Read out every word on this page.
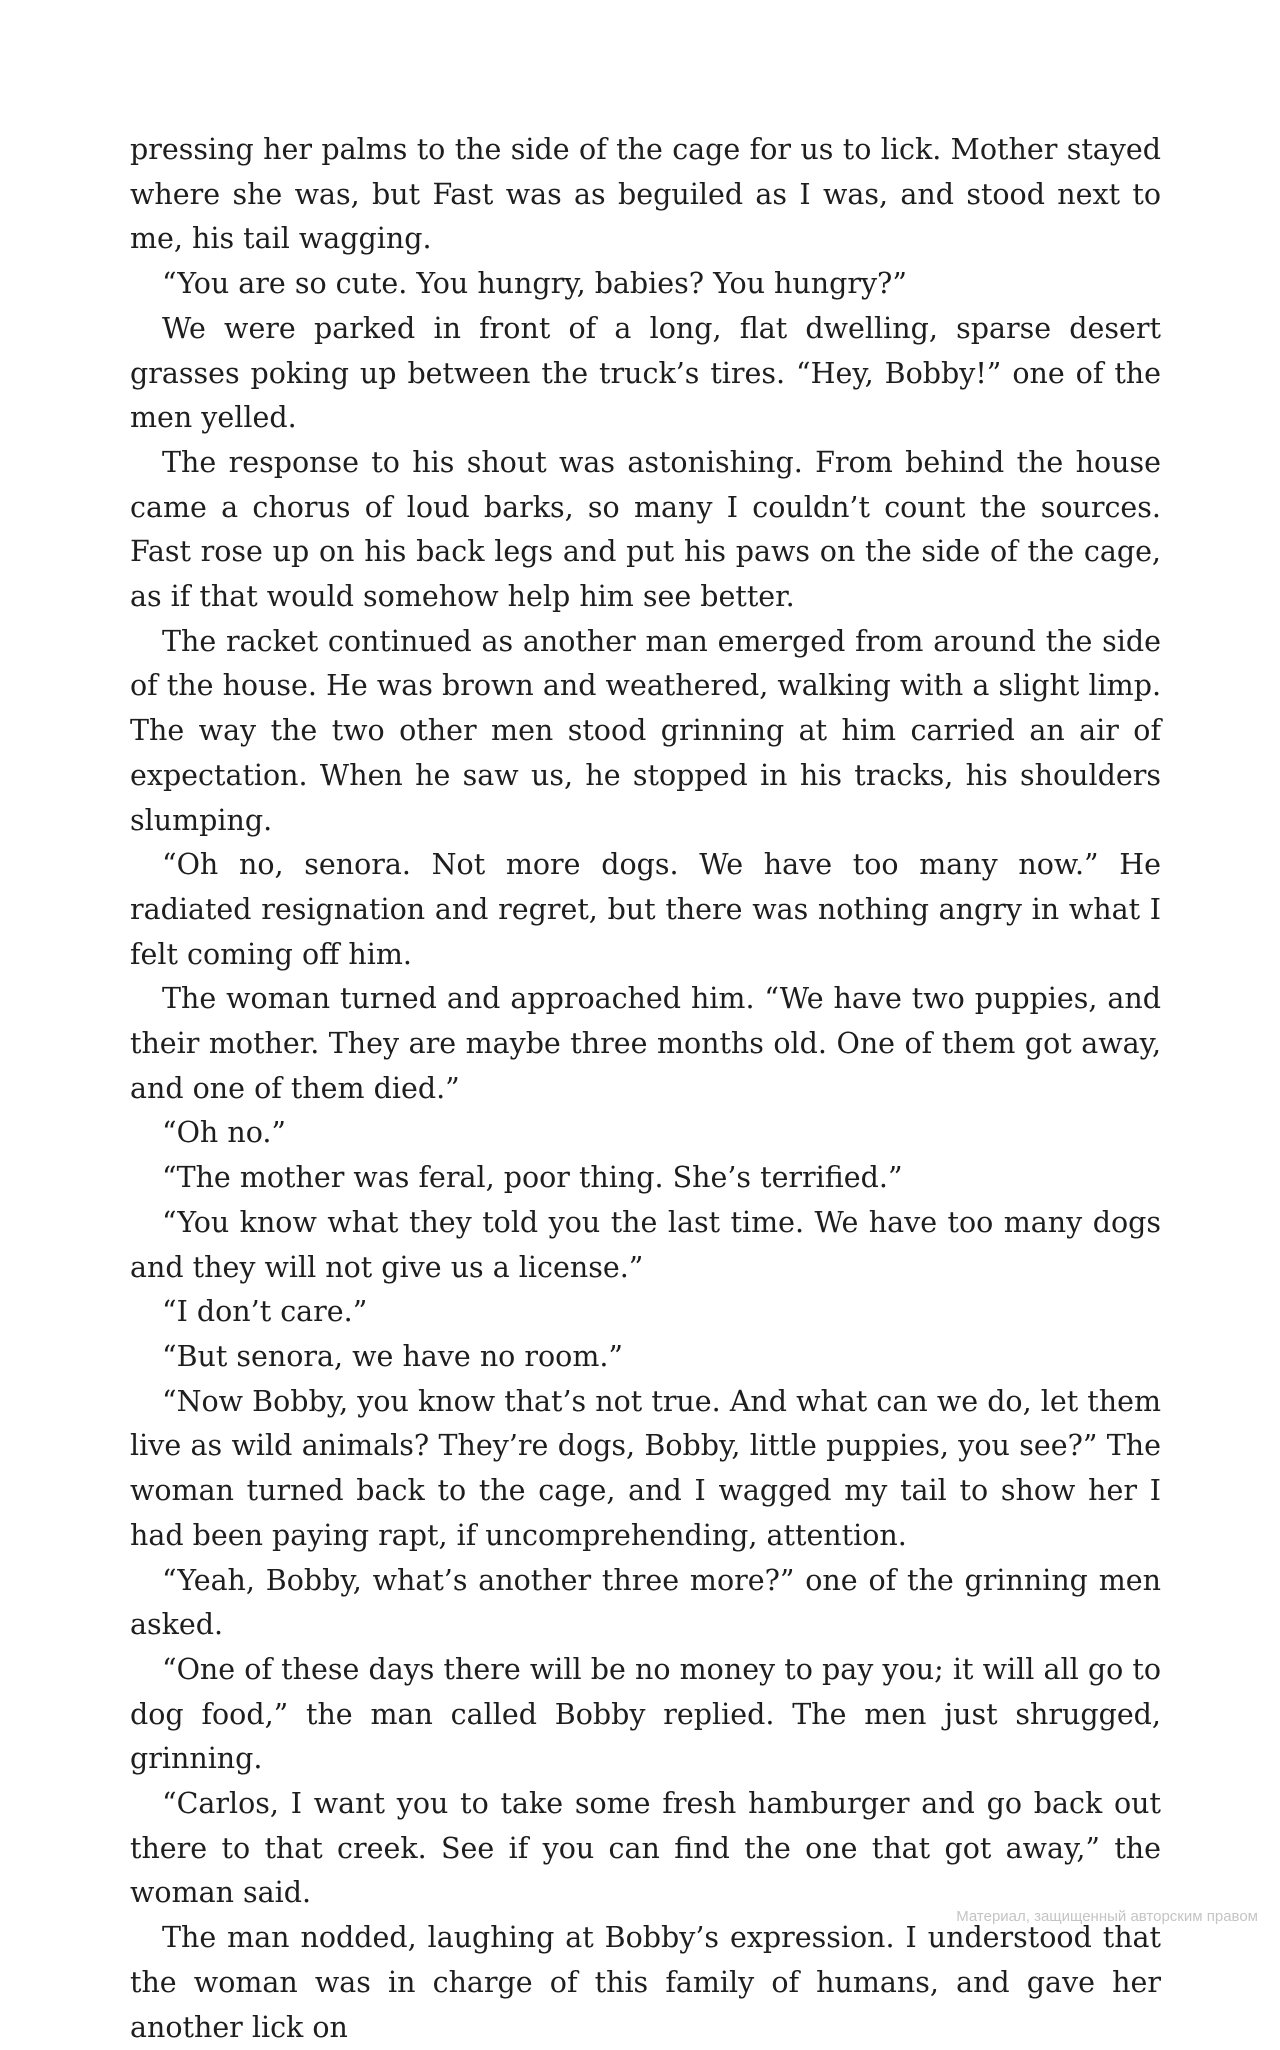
pressing her palms to the side of the cage for us to lick. Mother stayed where she was, but Fast was as beguiled as I was, and stood next to me, his tail wagging.

“You are so cute. You hungry, babies? You hungry?”

We were parked in front of a long, flat dwelling, sparse desert grasses poking up between the truck’s tires. “Hey, Bobby!” one of the men yelled.

The response to his shout was astonishing. From behind the house came a chorus of loud barks, so many I couldn’t count the sources. Fast rose up on his back legs and put his paws on the side of the cage, as if that would somehow help him see better.

The racket continued as another man emerged from around the side of the house. He was brown and weathered, walking with a slight limp. The way the two other men stood grinning at him carried an air of expectation. When he saw us, he stopped in his tracks, his shoulders slumping.

“Oh no, senora. Not more dogs. We have too many now.” He radiated resignation and regret, but there was nothing angry in what I felt coming off him.

The woman turned and approached him. “We have two puppies, and their mother. They are maybe three months old. One of them got away, and one of them died.”

“Oh no.”

“The mother was feral, poor thing. She’s terrified.”

“You know what they told you the last time. We have too many dogs and they will not give us a license.”

“I don’t care.”

“But senora, we have no room.”

“Now Bobby, you know that’s not true. And what can we do, let them live as wild animals? They’re dogs, Bobby, little puppies, you see?” The woman turned back to the cage, and I wagged my tail to show her I had been paying rapt, if uncomprehending, attention.

“Yeah, Bobby, what’s another three more?” one of the grinning men asked.

“One of these days there will be no money to pay you; it will all go to dog food,” the man called Bobby replied. The men just shrugged, grinning.

“Carlos, I want you to take some fresh hamburger and go back out there to that creek. See if you can find the one that got away,” the woman said.

The man nodded, laughing at Bobby’s expression. I understood that the woman was in charge of this family of humans, and gave her another lick on

Материал, защищенный авторским правом
